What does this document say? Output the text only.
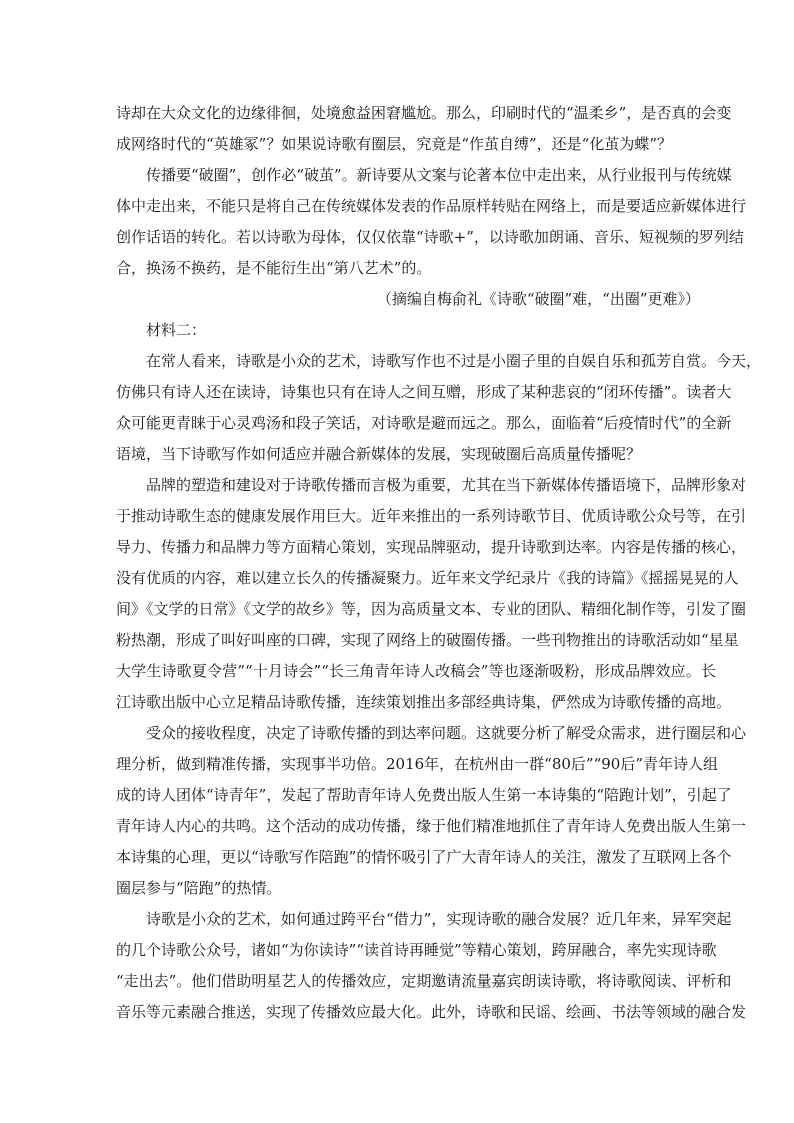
诗却在大众文化的边缘徘徊，处境愈益困窘尴尬。那么，印刷时代的“温柔乡”，是否真的会变
成网络时代的“英雄冢”？如果说诗歌有圈层，究竟是“作茧自缚”，还是“化茧为蝶”？
传播要“破圈”，创作必“破茧”。新诗要从文案与论著本位中走出来，从行业报刊与传统媒
体中走出来，不能只是将自己在传统媒体发表的作品原样转贴在网络上，而是要适应新媒体进行
创作话语的转化。若以诗歌为母体，仅仅依靠“诗歌+”，以诗歌加朗诵、音乐、短视频的罗列结
合，换汤不换药，是不能衍生出“第八艺术”的。
（摘编自梅俞礼《诗歌“破圈”难，“出圈”更难》）
材料二：
在常人看来，诗歌是小众的艺术，诗歌写作也不过是小圈子里的自娱自乐和孤芳自赏。今天，
仿佛只有诗人还在读诗，诗集也只有在诗人之间互赠，形成了某种悲哀的“闭环传播”。读者大
众可能更青睐于心灵鸡汤和段子笑话，对诗歌是避而远之。那么，面临着“后疫情时代”的全新
语境，当下诗歌写作如何适应并融合新媒体的发展，实现破圈后高质量传播呢？
品牌的塑造和建设对于诗歌传播而言极为重要，尤其在当下新媒体传播语境下，品牌形象对
于推动诗歌生态的健康发展作用巨大。近年来推出的一系列诗歌节目、优质诗歌公众号等，在引
导力、传播力和品牌力等方面精心策划，实现品牌驱动，提升诗歌到达率。内容是传播的核心，
没有优质的内容，难以建立长久的传播凝聚力。近年来文学纪录片《我的诗篇》《摇摇晃晃的人
间》《文学的日常》《文学的故乡》等，因为高质量文本、专业的团队、精细化制作等，引发了圈
粉热潮，形成了叫好叫座的口碑，实现了网络上的破圈传播。一些刊物推出的诗歌活动如“星星
大学生诗歌夏令营”“十月诗会”“长三角青年诗人改稿会”等也逐渐吸粉，形成品牌效应。长
江诗歌出版中心立足精品诗歌传播，连续策划推出多部经典诗集，俨然成为诗歌传播的高地。
受众的接收程度，决定了诗歌传播的到达率问题。这就要分析了解受众需求，进行圈层和心
理分析，做到精准传播，实现事半功倍。2016年，在杭州由一群“80后”“90后”青年诗人组
成的诗人团体“诗青年”，发起了帮助青年诗人免费出版人生第一本诗集的“陪跑计划”，引起了
青年诗人内心的共鸣。这个活动的成功传播，缘于他们精准地抓住了青年诗人免费出版人生第一
本诗集的心理，更以“诗歌写作陪跑”的情怀吸引了广大青年诗人的关注，激发了互联网上各个
圈层参与“陪跑”的热情。
诗歌是小众的艺术，如何通过跨平台“借力”，实现诗歌的融合发展？近几年来，异军突起
的几个诗歌公众号，诸如“为你读诗”“读首诗再睡觉”等精心策划，跨屏融合，率先实现诗歌
“走出去”。他们借助明星艺人的传播效应，定期邀请流量嘉宾朗读诗歌，将诗歌阅读、评析和
音乐等元素融合推送，实现了传播效应最大化。此外，诗歌和民谣、绘画、书法等领域的融合发
